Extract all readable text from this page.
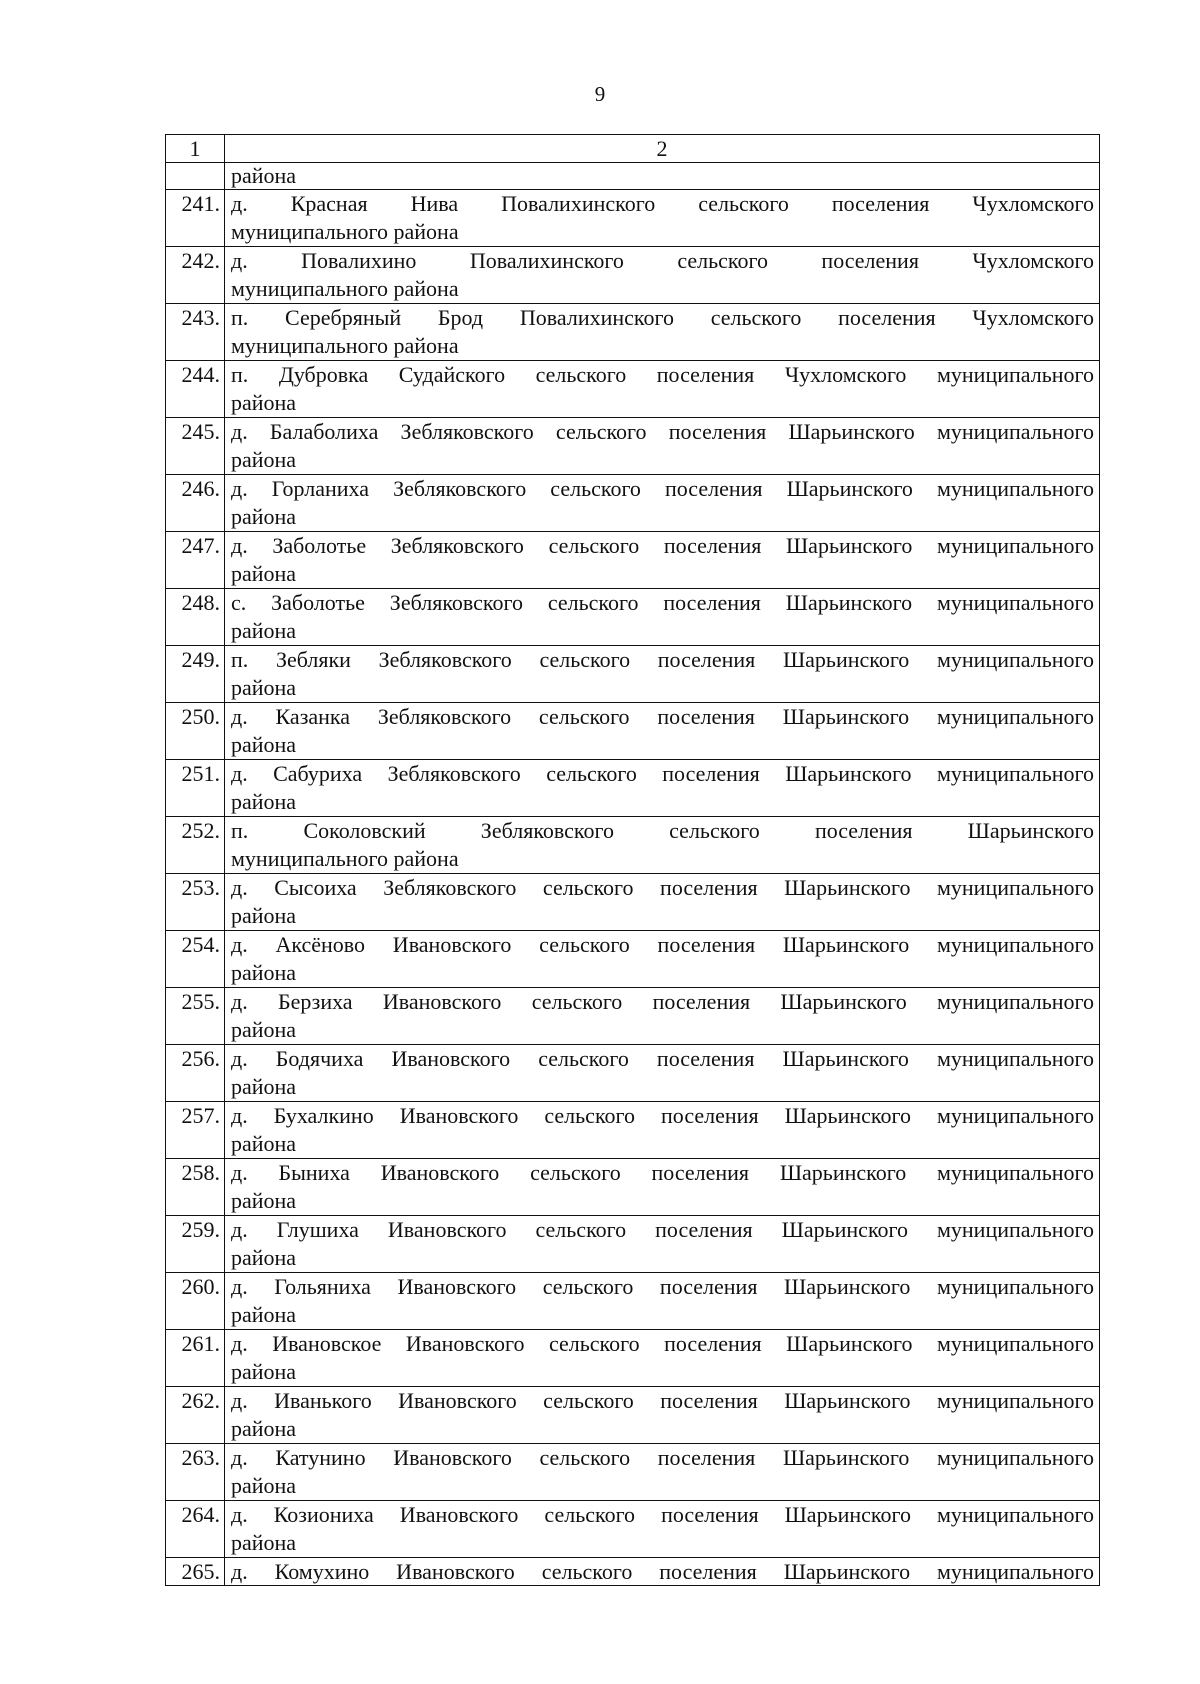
9
1	2
	района
241.	д. Красная Нива Повалихинского сельского поселения Чухломского
муниципального района

242.	д. Повалихино Повалихинского сельского поселения Чухломского
муниципального района

243.	п. Серебряный Брод Повалихинского сельского поселения Чухломского
муниципального района

244.	п. Дубровка Судайского сельского поселения Чухломского муниципального
района

245.	д. Балаболиха Зебляковского сельского поселения Шарьинского муниципального
района

246.	д. Горланиха Зебляковского сельского поселения Шарьинского муниципального
района

247.	д. Заболотье Зебляковского сельского поселения Шарьинского муниципального
района

248.	с. Заболотье Зебляковского сельского поселения Шарьинского муниципального
района

249.	п. Зебляки Зебляковского сельского поселения Шарьинского муниципального
района

250.	д. Казанка Зебляковского сельского поселения Шарьинского муниципального
района

251.	д. Сабуриха Зебляковского сельского поселения Шарьинского муниципального
района

252.	п. Соколовский Зебляковского сельского поселения Шарьинского
муниципального района

253.	д. Сысоиха Зебляковского сельского поселения Шарьинского муниципального
района

254.	д. Аксёново Ивановского сельского поселения Шарьинского муниципального
района

255.	д. Берзиха Ивановского сельского поселения Шарьинского муниципального
района

256.	д. Бодячиха Ивановского сельского поселения Шарьинского муниципального
района

257.	д. Бухалкино Ивановского сельского поселения Шарьинского муниципального
района

258.	д. Быниха Ивановского сельского поселения Шарьинского муниципального
района

259.	д. Глушиха Ивановского сельского поселения Шарьинского муниципального
района

260.	д. Гольяниха Ивановского сельского поселения Шарьинского муниципального
района

261.	д. Ивановское Ивановского сельского поселения Шарьинского муниципального
района

262.	д. Иванького Ивановского сельского поселения Шарьинского муниципального
района

263.	д. Катунино Ивановского сельского поселения Шарьинского муниципального
района

264.	д. Козиониха Ивановского сельского поселения Шарьинского муниципального
района

265.	д. Комухино Ивановского сельского поселения Шарьинского муниципального
